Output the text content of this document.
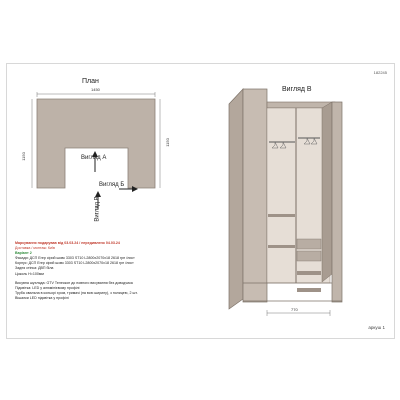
182245
План
Вигляд В
1450
1150
1150
Вигляд А
Вигляд Б
Вигляд В
770
Маркування подарував від 03.03.24 / передивлено 04.03.24
Доставка / монтаж: Київ
Варіант 2
Фасади: ДСП Егер сірий шовк 3303 ST10 L2800х2070х18 2618 грн /лист
Корпус: ДСП Егер сірий шовк 3303 ST10 L2800х2070х18 2618 грн /лист
Задня стінка: ДВП біла
Цоколь H=100мм
Висувна шухляда: GTV Телескоп до повного висування без доводчика
Підсвітка: LED у алюмінієвому профілі
Труба овальна в кольорі хром, тримачі (на всю ширину), з полицею, 2 шт.
Вішалки LED підсвітка у профілі
аркуш 1
